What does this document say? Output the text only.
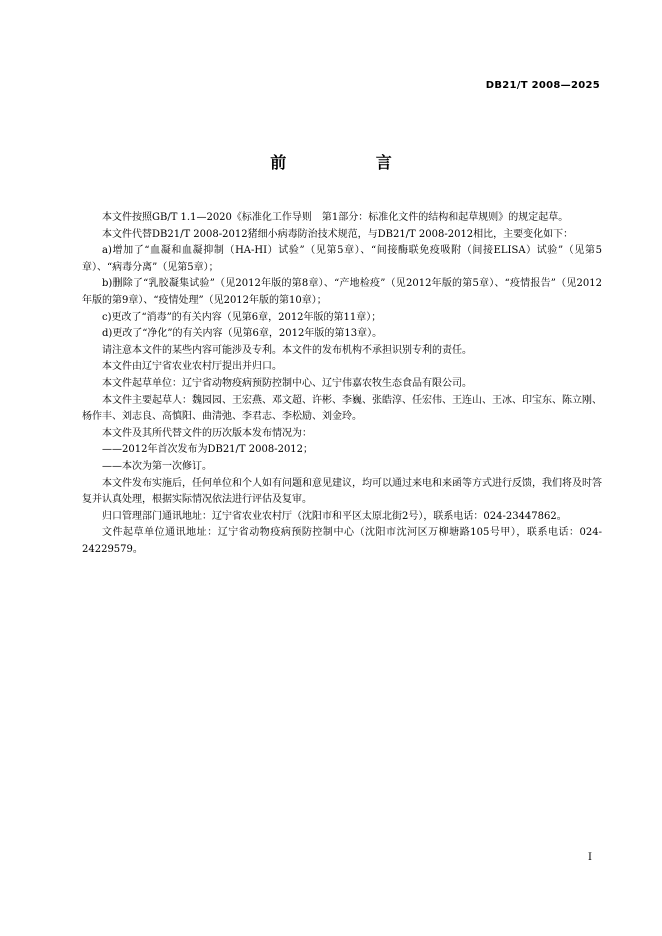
DB21/T 2008—2025
前 言

本文件按照GB/T 1.1—2020《标准化工作导则　第1部分：标准化文件的结构和起草规则》的规定起草。

本文件代替DB21/T 2008-2012猪细小病毒防治技术规范，与DB21/T 2008-2012相比，主要变化如下：

a)增加了“血凝和血凝抑制（HA-HI）试验”（见第5章）、“间接酶联免疫吸附（间接ELISA）试验”（见第5章）、“病毒分离”（见第5章）；

b)删除了“乳胶凝集试验”（见2012年版的第8章）、“产地检疫”（见2012年版的第5章）、“疫情报告”（见2012年版的第9章）、“疫情处理”（见2012年版的第10章）；

c)更改了“消毒”的有关内容（见第6章，2012年版的第11章）；

d)更改了“净化”的有关内容（见第6章，2012年版的第13章）。

请注意本文件的某些内容可能涉及专利。本文件的发布机构不承担识别专利的责任。

本文件由辽宁省农业农村厅提出并归口。

本文件起草单位：辽宁省动物疫病预防控制中心、辽宁伟嘉农牧生态食品有限公司。

本文件主要起草人：魏园园、王宏燕、邓文超、许彬、李巍、张皓淳、任宏伟、王连山、王冰、印宝东、陈立刚、杨作丰、刘志良、高慎阳、曲清弛、李君志、李松励、刘金玲。

本文件及其所代替文件的历次版本发布情况为：

——2012年首次发布为DB21/T 2008-2012；

——本次为第一次修订。

本文件发布实施后，任何单位和个人如有问题和意见建议，均可以通过来电和来函等方式进行反馈，我们将及时答复并认真处理，根据实际情况依法进行评估及复审。

归口管理部门通讯地址：辽宁省农业农村厅（沈阳市和平区太原北街2号），联系电话：024-23447862。

文件起草单位通讯地址：辽宁省动物疫病预防控制中心（沈阳市沈河区万柳塘路105号甲），联系电话：024-24229579。

I
